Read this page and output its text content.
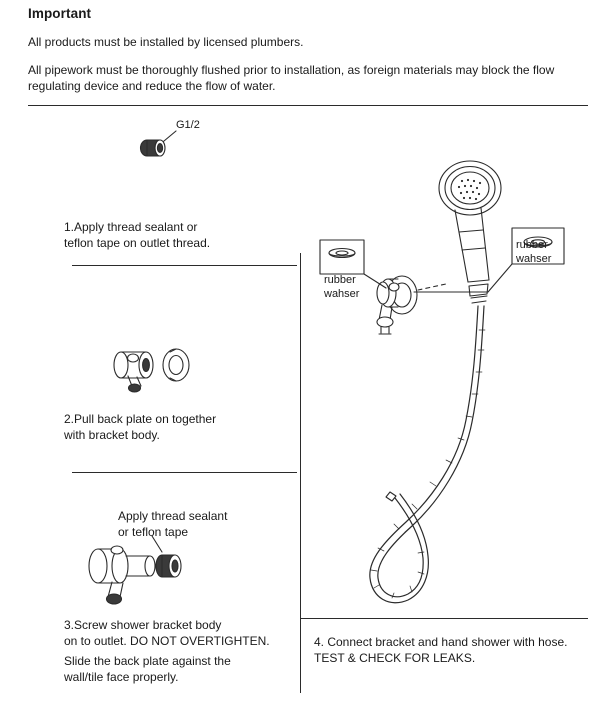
Important

All products must be installed by licensed plumbers.

All pipework must be thoroughly flushed prior to installation, as foreign materials may block the flow regulating device and reduce the flow of water.

G1/2
1.Apply thread sealant or
teflon tape on outlet thread.
2.Pull back plate on together
with bracket body.
Apply thread sealant
or teflon tape
3.Screw shower bracket body
on to outlet. DO NOT OVERTIGHTEN.
Slide the back plate against the
wall/tile face properly.
rubber
wahser
rubber
wahser
4. Connect bracket and hand shower with hose.
TEST & CHECK FOR LEAKS.
